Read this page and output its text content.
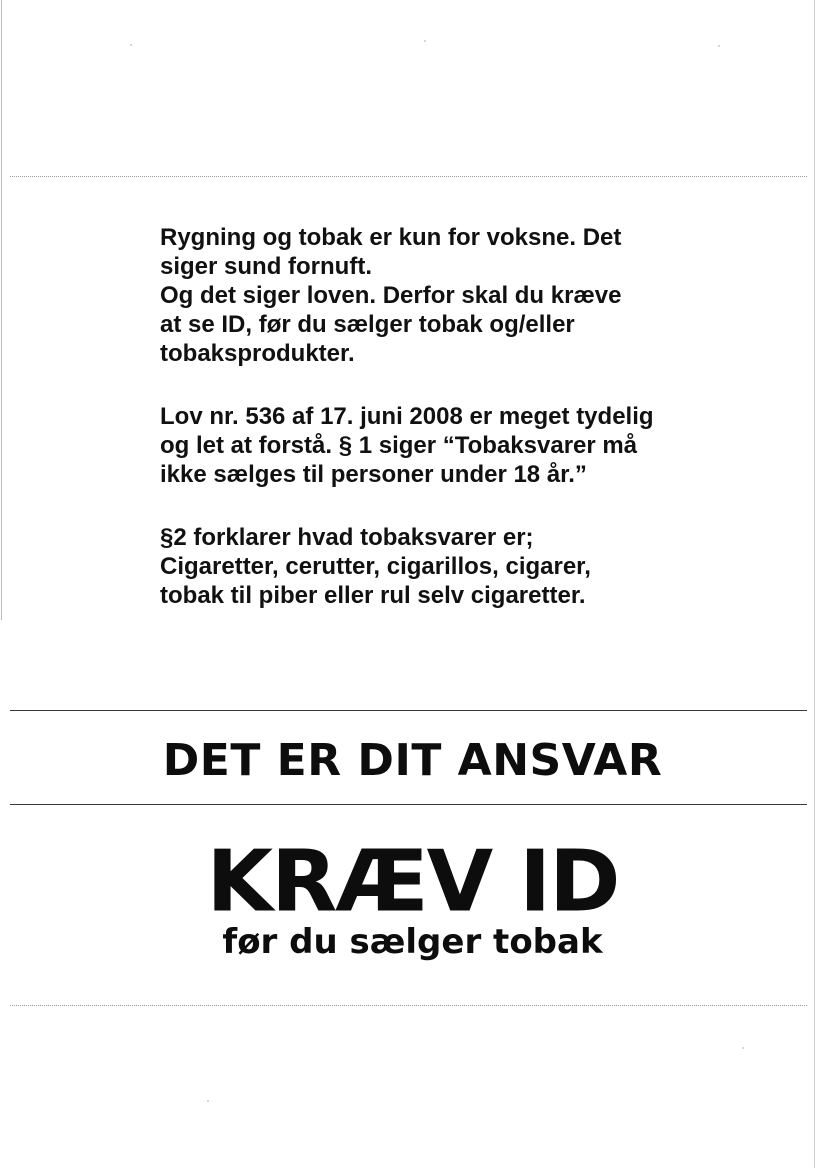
Rygning og tobak er kun for voksne. Det
siger sund fornuft.
Og det siger loven. Derfor skal du kræve
at se ID, før du sælger tobak og/eller
tobaksprodukter.
Lov nr. 536 af 17. juni 2008 er meget tydelig
og let at forstå. § 1 siger “Tobaksvarer må
ikke sælges til personer under 18 år.”
§2 forklarer hvad tobaksvarer er;
Cigaretter, cerutter, cigarillos, cigarer,
tobak til piber eller rul selv cigaretter.
DET ER DIT ANSVAR
KRÆV ID
før du sælger tobak
